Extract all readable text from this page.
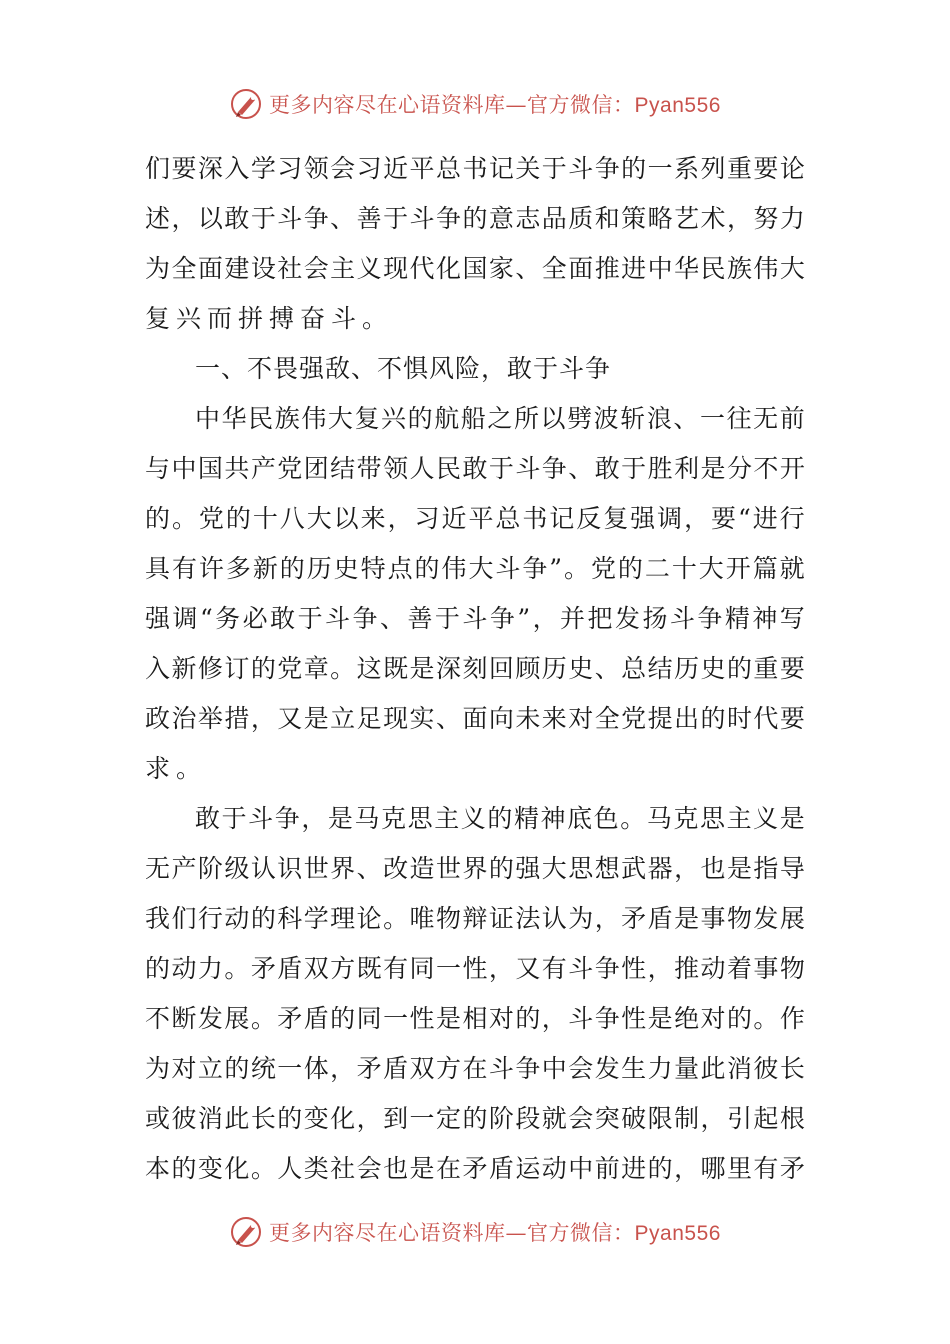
更多内容尽在心语资料库—官方微信：Pyan556
们 要 深 入 学 习 领 会 习 近 平 总 书 记 关 于 斗 争 的 一 系 列 重 要 论
述 ， 以 敢 于 斗 争 、 善 于 斗 争 的 意 志 品 质 和 策 略 艺 术 ， 努 力
为 全 面 建 设 社 会 主 义 现 代 化 国 家 、 全 面 推 进 中 华 民 族 伟 大
复兴而拼搏奋斗。
一、不畏强敌、不惧风险，敢于斗争
中 华 民 族 伟 大 复 兴 的 航 船 之 所 以 劈 波 斩 浪 、 一 往 无 前
与 中 国 共 产 党 团 结 带 领 人 民 敢 于 斗 争 、 敢 于 胜 利 是 分 不 开
的 。 党 的 十 八 大 以 来 ， 习 近 平 总 书 记 反 复 强 调 ， 要 “ 进 行
具 有 许 多 新 的 历 史 特 点 的 伟 大 斗 争 ” 。 党 的 二 十 大 开 篇 就
强 调 “ 务 必 敢 于 斗 争 、 善 于 斗 争 ” ， 并 把 发 扬 斗 争 精 神 写
入 新 修 订 的 党 章 。 这 既 是 深 刻 回 顾 历 史 、 总 结 历 史 的 重 要
政 治 举 措 ， 又 是 立 足 现 实 、 面 向 未 来 对 全 党 提 出 的 时 代 要
求。
敢 于 斗 争 ， 是 马 克 思 主 义 的 精 神 底 色 。 马 克 思 主 义 是
无 产 阶 级 认 识 世 界 、 改 造 世 界 的 强 大 思 想 武 器 ， 也 是 指 导
我 们 行 动 的 科 学 理 论 。 唯 物 辩 证 法 认 为 ， 矛 盾 是 事 物 发 展
的 动 力 。 矛 盾 双 方 既 有 同 一 性 ， 又 有 斗 争 性 ， 推 动 着 事 物
不 断 发 展 。 矛 盾 的 同 一 性 是 相 对 的 ， 斗 争 性 是 绝 对 的 。 作
为 对 立 的 统 一 体 ， 矛 盾 双 方 在 斗 争 中 会 发 生 力 量 此 消 彼 长
或 彼 消 此 长 的 变 化 ， 到 一 定 的 阶 段 就 会 突 破 限 制 ， 引 起 根
本 的 变 化 。 人 类 社 会 也 是 在 矛 盾 运 动 中 前 进 的 ， 哪 里 有 矛
更多内容尽在心语资料库—官方微信：Pyan556
